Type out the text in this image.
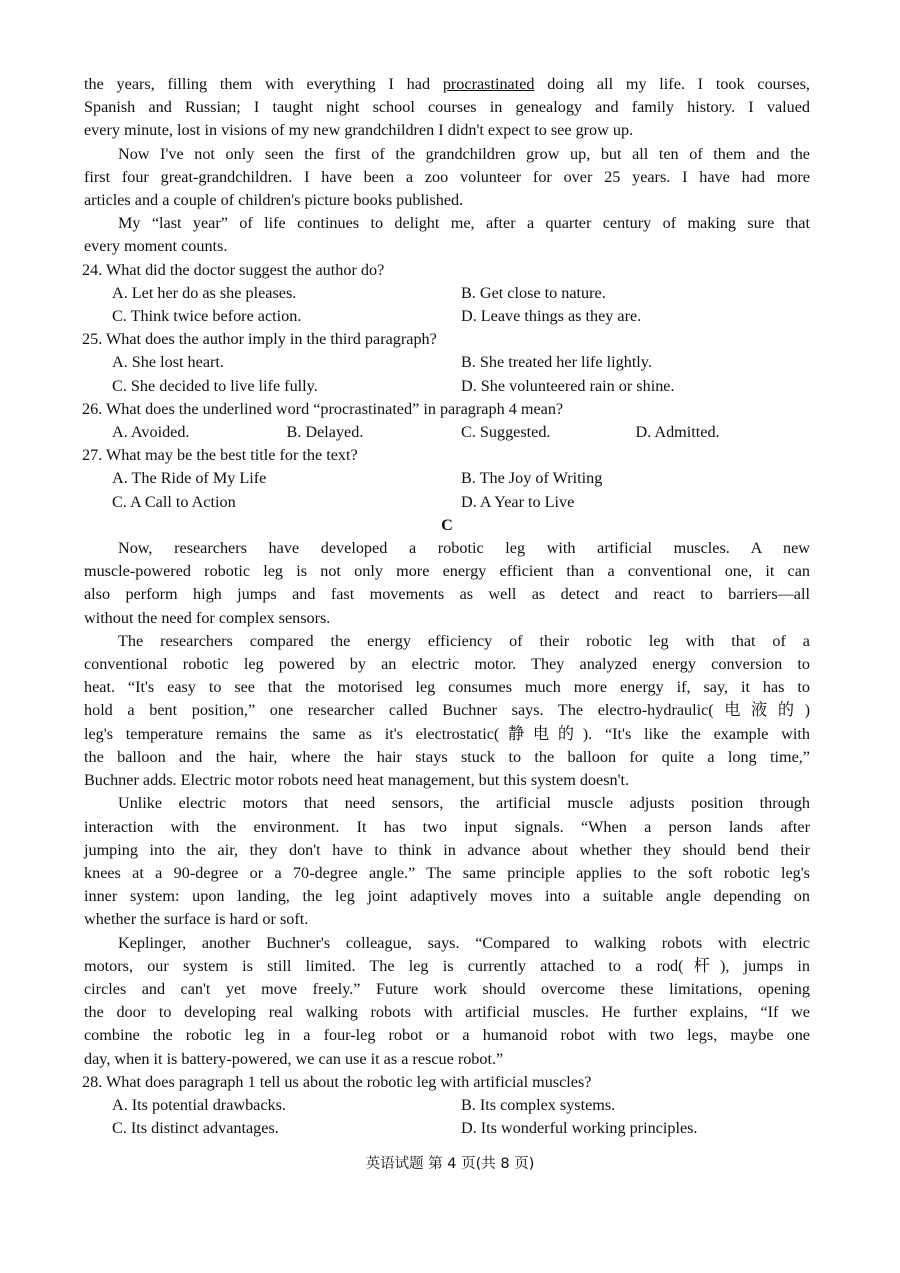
the years, filling them with everything I had procrastinated doing all my life. I took courses,
Spanish and Russian; I taught night school courses in genealogy and family history. I valued
every minute, lost in visions of my new grandchildren I didn't expect to see grow up.
Now I've not only seen the first of the grandchildren grow up, but all ten of them and the
first four great-grandchildren. I have been a zoo volunteer for over 25 years. I have had more
articles and a couple of children's picture books published.
My “last year” of life continues to delight me, after a quarter century of making sure that
every moment counts.
24. What did the doctor suggest the author do?
A. Let her do as she pleases.	B. Get close to nature.
C. Think twice before action.	D. Leave things as they are.
25. What does the author imply in the third paragraph?
A. She lost heart.	B. She treated her life lightly.
C. She decided to live life fully.	D. She volunteered rain or shine.
26. What does the underlined word “procrastinated” in paragraph 4 mean?
A. Avoided.	B. Delayed.	C. Suggested.	D. Admitted.
27. What may be the best title for the text?
A. The Ride of My Life	B. The Joy of Writing
C. A Call to Action	D. A Year to Live
C
Now, researchers have developed a robotic leg with artificial muscles. A new
muscle-powered robotic leg is not only more energy efficient than a conventional one, it can
also perform high jumps and fast movements as well as detect and react to barriers—all
without the need for complex sensors.
The researchers compared the energy efficiency of their robotic leg with that of a
conventional robotic leg powered by an electric motor. They analyzed energy conversion to
heat. “It's easy to see that the motorised leg consumes much more energy if, say, it has to
hold a bent position,” one researcher called Buchner says. The electro-hydraulic(电液的)
leg's temperature remains the same as it's electrostatic(静电的). “It's like the example with
the balloon and the hair, where the hair stays stuck to the balloon for quite a long time,”
Buchner adds. Electric motor robots need heat management, but this system doesn't.
Unlike electric motors that need sensors, the artificial muscle adjusts position through
interaction with the environment. It has two input signals. “When a person lands after
jumping into the air, they don't have to think in advance about whether they should bend their
knees at a 90-degree or a 70-degree angle.” The same principle applies to the soft robotic leg's
inner system: upon landing, the leg joint adaptively moves into a suitable angle depending on
whether the surface is hard or soft.
Keplinger, another Buchner's colleague, says. “Compared to walking robots with electric
motors, our system is still limited. The leg is currently attached to a rod(杆), jumps in
circles and can't yet move freely.” Future work should overcome these limitations, opening
the door to developing real walking robots with artificial muscles. He further explains, “If we
combine the robotic leg in a four-leg robot or a humanoid robot with two legs, maybe one
day, when it is battery-powered, we can use it as a rescue robot.”
28. What does paragraph 1 tell us about the robotic leg with artificial muscles?
A. Its potential drawbacks.	B. Its complex systems.
C. Its distinct advantages.	D. Its wonderful working principles.
英语试题 第 4 页(共 8 页)
